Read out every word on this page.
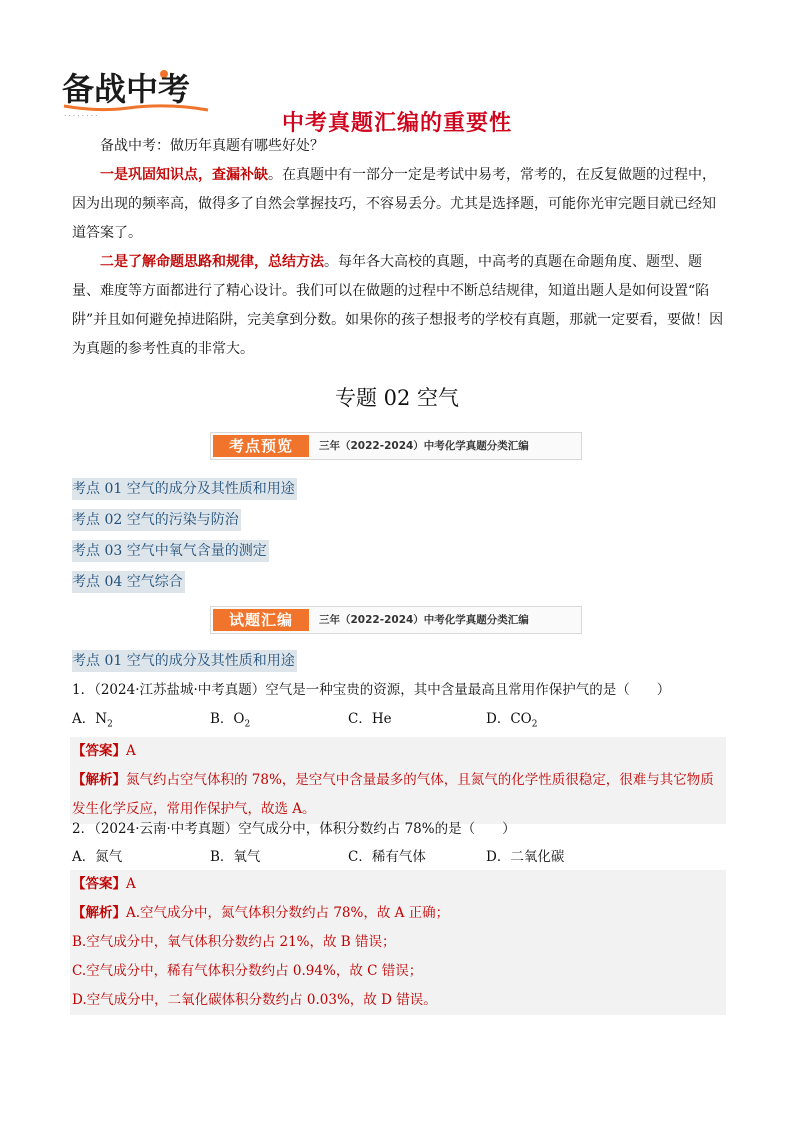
备战中考
· · · · · · · ·	中考真题汇编的重要性
备战中考：做历年真题有哪些好处？
一是巩固知识点，查漏补缺。在真题中有一部分一定是考试中易考，常考的，在反复做题的过程中，因为出现的频率高，做得多了自然会掌握技巧，不容易丢分。尤其是选择题，可能你光审完题目就已经知道答案了。
二是了解命题思路和规律，总结方法。每年各大高校的真题，中高考的真题在命题角度、题型、题量、难度等方面都进行了精心设计。我们可以在做题的过程中不断总结规律，知道出题人是如何设置“陷阱”并且如何避免掉进陷阱，完美拿到分数。如果你的孩子想报考的学校有真题，那就一定要看，要做！因为真题的参考性真的非常大。
专题 02 空气
考点预览	三年（2022-2024）中考化学真题分类汇编
考点 01 空气的成分及其性质和用途
考点 02 空气的污染与防治
考点 03 空气中氧气含量的测定
考点 04 空气综合
试题汇编	三年（2022-2024）中考化学真题分类汇编
考点 01 空气的成分及其性质和用途
1．（2024·江苏盐城·中考真题）空气是一种宝贵的资源，其中含量最高且常用作保护气的是（　　）
A．$N_2$	B．$O_2$	C．He	D．$CO_2$
【答案】A
【解析】氮气约占空气体积的 78%，是空气中含量最多的气体，且氮气的化学性质很稳定，很难与其它物质发生化学反应，常用作保护气，故选 A。
2．（2024·云南·中考真题）空气成分中，体积分数约占 78%的是（　　）
A．氮气	B．氧气	C．稀有气体	D．二氧化碳
【答案】A
【解析】A.空气成分中，氮气体积分数约占 78%，故 A 正确；
B.空气成分中，氧气体积分数约占 21%，故 B 错误；
C.空气成分中，稀有气体积分数约占 0.94%，故 C 错误；
D.空气成分中，二氧化碳体积分数约占 0.03%，故 D 错误。
